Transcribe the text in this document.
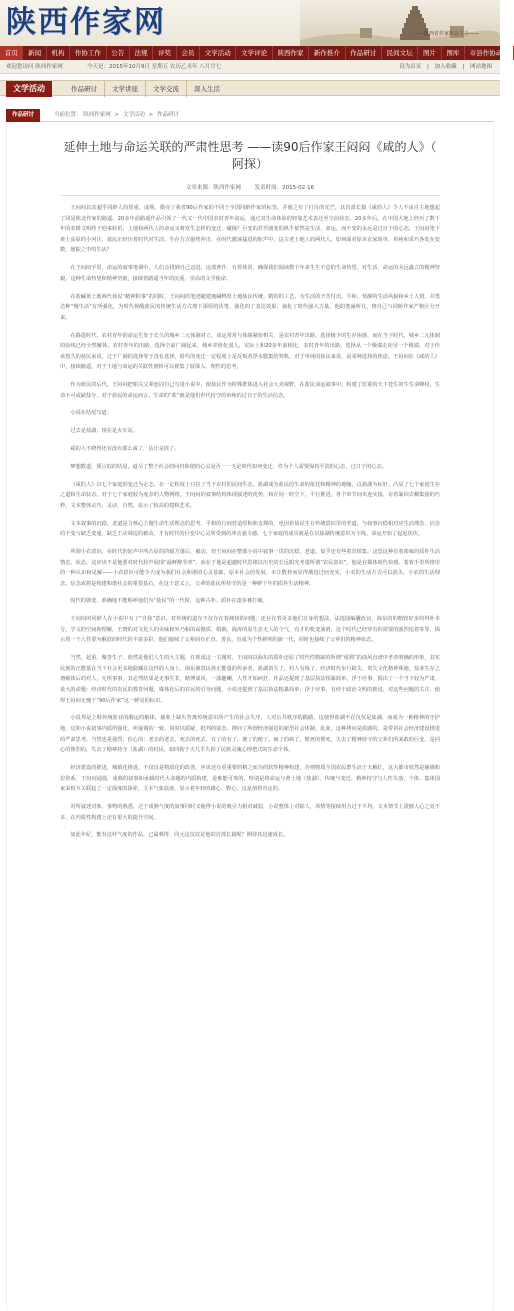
陕西作家网	——陕西省作家协会主办——
首页	新闻	机构	作协工作	公告	法规	评奖	会员	文学活动	文学评论	陕西作家	新作推介	作品研讨	民间文坛	图片	图库	市县作协动态
欢迎您访问 陕西作家网	今天是：2015年10月9日 星期五 农历乙未年 八月廿七	设为首页 | 加入收藏 | 网站地图
文学活动	作品研讨	文学讲座	文学交流	深入生活
作品研讨	当前位置： 陕西作家网 > 文学活动 > 作品研讨
延伸土地与命运关联的严肃性思考 ——读90后作家王闷闷《咸的人》（ 阿探）
文章来源：陕西作家网	发表时间：2015-02-16

王闷闷以其超乎同龄人的厚重、成熟，摄亮了我省90后作家的不同于全国同龄作家的标签，并使之有了打目的光芒，其首部长篇《咸的人》令人不由自主地想起了同是陕北作家的路遥。20多年前路遥作品引领了一代又一代中国农村青年命运，通过其生命体验的轻靠艺术表达至空前状态。20多年后，在中国大地上经历了数千年的农耕文明终于迎来转折，土地和两代人的命运又将发生怎样的变迁，碰撞？巨变的甚至剧变的纵乎依然是生活、命运，而不变的永远是过日子的心态，王闷闷笔下黄土高原的小河庄，盐民正经历着时代对生活、生存方式强势冲击，在时代激荡猛进的轮声中，这古老土地上的两代人，如何面对原本农家简单、单纯和乖巧各处在变数，愿振之中的生活？

在王闷闷手里，命运的叙事笔调中，人们会找到自己迈进，这部著作，有着体常，确保我们阅读数千年来生生不息的生命热望，对生活、命运的永远鑫立的精神坚毅。这种生命热望和精神坚毅，接续着路遥当年的沉重、崇高的文学使命。

在盐碱黄土地两代盐民“精神积事”的同时，王闷闷的笔迹随建地碱鸭厚土地盐民传统、精的的工艺，为生活的辛苦付出，平和、恬静的生活风貌和乡土人情，并勇达种“慢生活”有所强化，为时代视醒盐民的传统生活方式理下深厚的伏笔，强化的了表达效果，强化了时代强大力量，他的笔涵所在，将自己与同龄作家严格区分开来。

在路遥时代，农村青年的命运生发于长久的城乡二元体制对立，命运常常与体制紧密相关，是农村青年出路、选择极少的生存困惑，而在当下时代，城乡二元体制的弦线已经全然解体，农村青年的出路、选择空前广阔起来，城乡差值化弱人，实际上和20多年前相比，农村青年的出路、选择从一个极端走向另一个极端，对于传承悠久的盐民来说，过于广阔的选择等于没有选择，时代的变迁一定程度上是反叛者浮水膜集的契机，对于单纯的盐民来说，是某种选择的焦虑，王闷闷在《咸的人》中，接续路遥，对于土地与命运的关联性剖析可以视集了较深入、理性的思考。

作为盐民的后代，王闷闷把相关父辈连同自己写进小说中，使盐民作为特殊群体进入社会大众视野，在盐民命运叙事中，构建了厚重的天下苍生的生生命峰权，生命不可或缺盐分，对于盐民的命运而言，生命的“盐”就是他们世代持守的单纯的过日子的生活信念。

小说在结尾写道：

过去是盐湖，现在是火车站。

咸的人不晓得还有没有那么咸了，估计是淡了。

梦想数道，预言似的结尾，道尽了整个社会的回归和谐的心灵是否一一无论时代如何变迁，作为个人需要保持平淡的心态，过日子的心态。

《咸的人》以七个家庭的变迁为走志，在一定程度上只拉了当下农村的民间生态，盐湖成为盐民的生命的依托和精神的地缘，以盐湖为标轩，凸显了七个家庭生存之道和生命状态，对于七个家庭较为庞杂的人物网络，王闷闷的叙事结构体现叙述的优势，和在同一时空下，平行推进，各个章节间未连实接，有着暴回去稠集接的巧秒，文本整体灵巧、灵动、自然，显示了较高的建构艺术。

文本叙事的沉稳，老道是力核心主题生命生活理念的思考，平和的行间营造厚积和支撑的，也因着盐民生存传统意识里的孝道，与叙事沉稳相对应生活理念、信念的不变与缺乏变通，缺乏王动调适的被动，才有时代的巨变中心灵所受到的冲击强力感，七个家庭的成员就是在以盐湖传统意识为主线，命运开始了起起伏伏。

所谓小农意识，在时代的轮声中所凸显的的辐方落后，被动，但王闷闷在整部小说中叙事一贯的沉稳，老道，似乎还有些着晋缤集，这恐这种有着盐味的质朴生活情态，状态，这应该不是他要对时代轮声展现“最鲜醉劳率”，而在于他是超越时代思绪以历史的长远眼光考量所谓“农民意识”，他是在媒体时代快感，着着手里所推崇的一种认识和见解——小农意识可能令天成为我们社会和谐的心灵基础，原本社会的发展，未让数材而显得激进过而充实，小农的生活方式可以消失，小农的生活理念、信念或将是构建和谐社会的重要基石，在这个意义上，父辈的盐民所持守的是一种鲜千年的质朴生活精神。

时代的剧变、准确地不能称呼他们为“盐民”的一代时，这种古朴、质朴在逐步被打破。

王闷闷的同龄人在小说中有了“自我”意识，对传统的道存不仅存在着痛快的问题，还存在着更多他们自身的想法，法选圆编囊改良，海东的的精较好步的得朴本分，学文的空间和理解，王晓的对文化人的美味和外乃和的高傲质、婚姻，海涛的原生态无人的个气，有才的机变油滑，这个时代已经穿有的需要的强烈追着等等，揭示着一个人性要为解放的时代的丰富多彩，他们接续了父辈固有正直、善良，有成为个性鲜明的新一代，同时也接续了父辈们的精神状态。

当然，起重、聚善生子，依然是他们人生的大主题，在现成这一主题时，王闷闷以海东的质朴还原了时代性精缺的所谓“成熟”的曲风直谱序孝者明确的形象，其实民族的正能量在当下社会更多地隐藏在这样的人身上，海东被意民族正能量的传承者，盐湖消失了，村人有钱了，经济时代步行缺失、贵失文化精神珠地，盐业生存之谱解体后的对人，无所事事，其必然结果是无事生非，赌博成风，一波趣喇，人性开始病狂，作品还提到了基层执法相暴简单，浮于应事，揭出了一个当下较为严肃，重大的命题：经济时代的农民的教育问题，媒体化后的农民的引导问题，小说还提到了基层执法粗暴简单，浮于应事，有停于政治文明的推进，对这些问题的关注，使得王闷闷无愧于“90后作家”这一鲜亮的标识。

小说界是上鞋传统盐业的醒运的解体，抽象上缺失背离传统意识所产生的社会失序，人对公共秩序的践踏，这使得盐湖不在仅仅是盐湖，而成为一种精神的守护地，这和小说叙事内质所强化，所强调的一致，同时以质疑，批判的姿态，拷问了所谓经济强进的新型社会体制，乱象，这种拷问是质感的，是带着社会经济建设推进的严肃思考，当然也是强烈，俗心的：老去的老去，死去的死去，有了的有了，便了的便了，疯了的疯了，惯死的惯死，失去了精神持守的父辈们所来敢的巨变，是同心的惨烈的，失去了精神持守（盐湖）的村民，如同拘于天几乎失掉了民族灵魂心理把式的生命个体。

经济建设的推进，城镇化推进，不仅仅是物质化的改善，应该还有更重要的精之而为的软性精神构建，否则物质全国农民群生活于大解忙，这大都市依然是铺墙和拉铃系，王闷闷通篇，成熟的叙事和承载时代大命题的内质构建，是难能可贵的，特别是将命运与黄土地（盐湖）、传统与变迁，精神持守与人性失落，个体、集体国家荣相互关联起了一定深度的探索，文本气象浪涛，显示着年轻的雄心、野心，这是值得肯定的。

对所叙述对象、事物的熟悉，过于成熟气度的叙事同时又使得小说的吸引力相对减弱，小说整体上对除人，风情等接续用力过于平均，文本情节上震撼人心之处不多，在内质性构建上还有很大的提升空间。

如此年纪，能有这样气度的作品，已属难得，同元这仅仅是他的首部长篇呢？期待其迅速成长。
